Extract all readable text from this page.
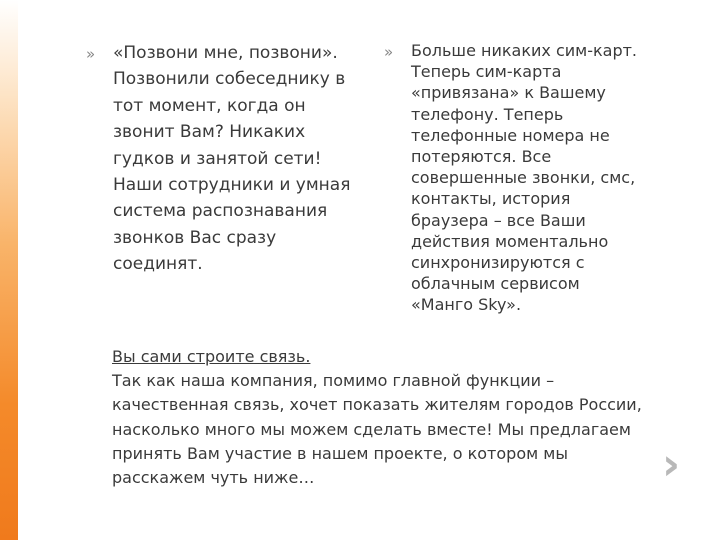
» «Позвони мне, позвони».
Позвонили собеседнику в
тот момент, когда он
звонит Вам? Никаких
гудков и занятой сети!
Наши сотрудники и умная
система распознавания
звонков Вас сразу
соединят.
» Больше никаких сим-карт.
Теперь сим-карта
«привязана» к Вашему
телефону. Теперь
телефонные номера не
потеряются. Все
совершенные звонки, смс,
контакты, история
браузера – все Ваши
действия моментально
синхронизируются с
облачным сервисом
«Манго Sky».
Вы сами строите связь.
Так как наша компания, помимо главной функции –
качественная связь, хочет показать жителям городов России,
насколько много мы можем сделать вместе! Мы предлагаем
принять Вам участие в нашем проекте, о котором мы
расскажем чуть ниже…	›
